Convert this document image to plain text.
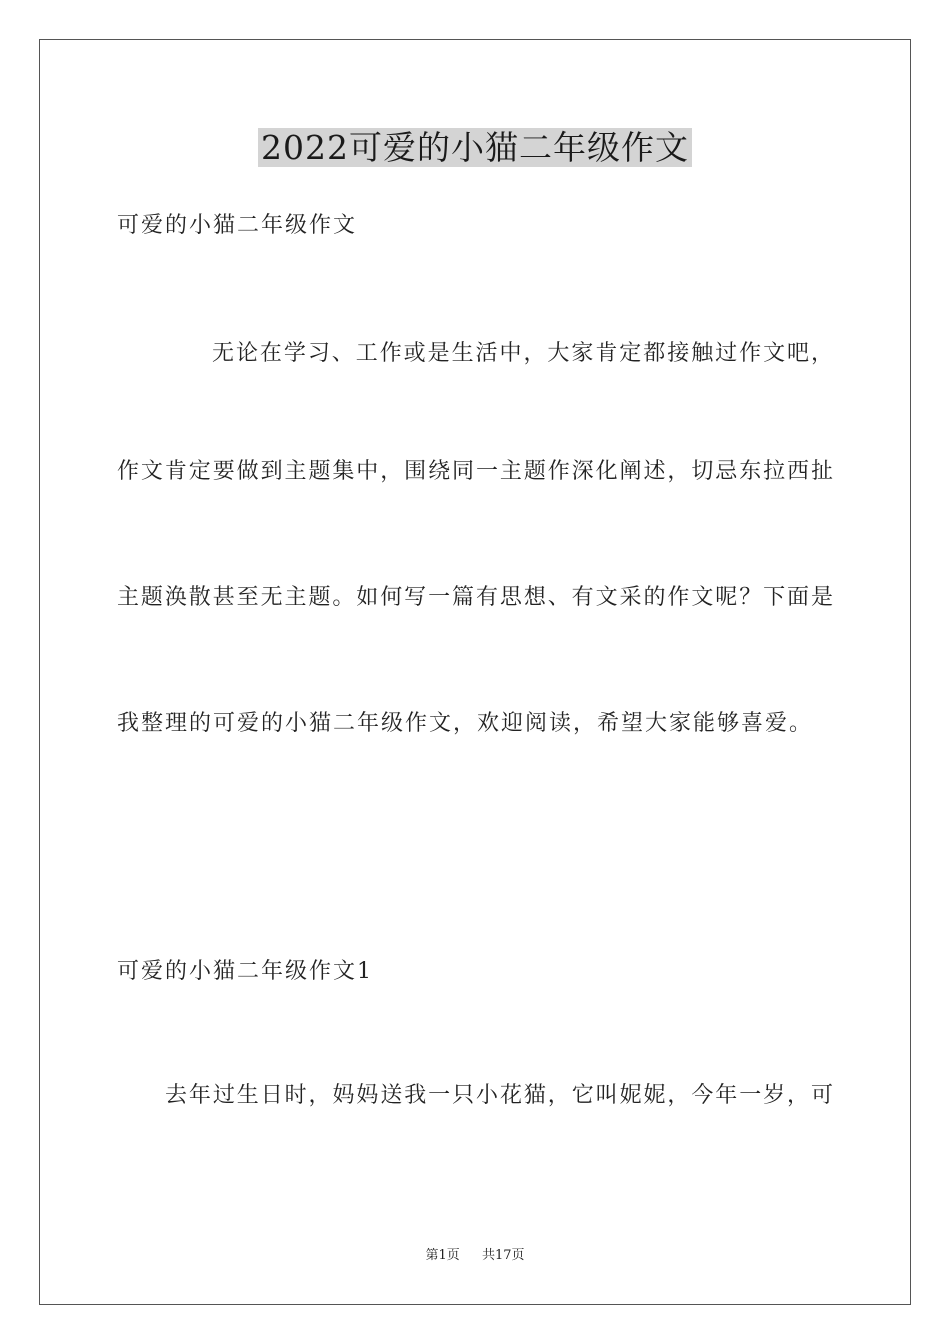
2022可爱的小猫二年级作文
可爱的小猫二年级作文
无论在学习、工作或是生活中，大家肯定都接触过作文吧，
作文肯定要做到主题集中，围绕同一主题作深化阐述，切忌东拉西扯
主题涣散甚至无主题。如何写一篇有思想、有文采的作文呢？下面是
我整理的可爱的小猫二年级作文，欢迎阅读，希望大家能够喜爱。
可爱的小猫二年级作文1
去年过生日时，妈妈送我一只小花猫，它叫妮妮，今年一岁，可
第1页 共17页
